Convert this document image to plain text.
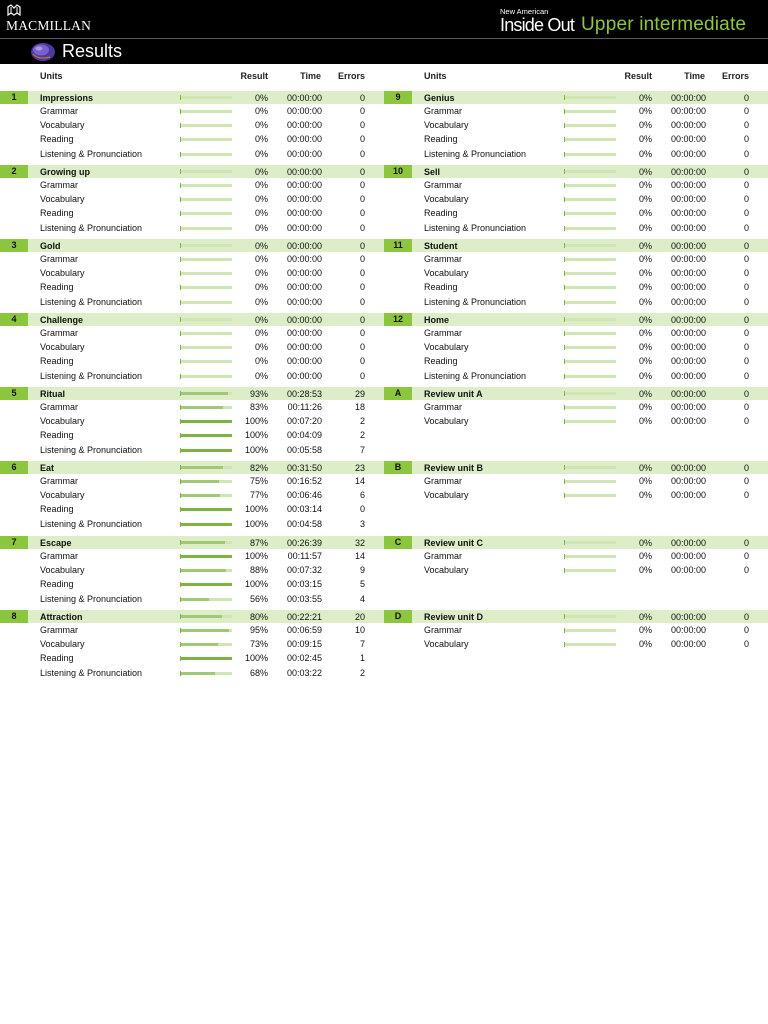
MACMILLAN
New American
Inside Out Upper intermediate
Results
Units	Result	Time Errors
1	Impressions	0% 00:00:00	0
Grammar	0% 00:00:00	0
Vocabulary	0% 00:00:00	0
Reading	0% 00:00:00	0
Listening & Pronunciation	0% 00:00:00	0
2	Growing up	0% 00:00:00	0
Grammar	0% 00:00:00	0
Vocabulary	0% 00:00:00	0
Reading	0% 00:00:00	0
Listening & Pronunciation	0% 00:00:00	0
3	Gold	0% 00:00:00	0
Grammar	0% 00:00:00	0
Vocabulary	0% 00:00:00	0
Reading	0% 00:00:00	0
Listening & Pronunciation	0% 00:00:00	0
4	Challenge	0% 00:00:00	0
Grammar	0% 00:00:00	0
Vocabulary	0% 00:00:00	0
Reading	0% 00:00:00	0
Listening & Pronunciation	0% 00:00:00	0
5	Ritual	93% 00:28:53	29
Grammar	83% 00:11:26	18
Vocabulary	100% 00:07:20	2
Reading	100% 00:04:09	2
Listening & Pronunciation	100% 00:05:58	7
6	Eat	82% 00:31:50	23
Grammar	75% 00:16:52	14
Vocabulary	77% 00:06:46	6
Reading	100% 00:03:14	0
Listening & Pronunciation	100% 00:04:58	3
7	Escape	87% 00:26:39	32
Grammar	100% 00:11:57	14
Vocabulary	88% 00:07:32	9
Reading	100% 00:03:15	5
Listening & Pronunciation	56% 00:03:55	4
8	Attraction	80% 00:22:21	20
Grammar	95% 00:06:59	10
Vocabulary	73% 00:09:15	7
Reading	100% 00:02:45	1
Listening & Pronunciation	68% 00:03:22	2
Units	Result	Time Errors
9	Genius	0% 00:00:00	0
Grammar	0% 00:00:00	0
Vocabulary	0% 00:00:00	0
Reading	0% 00:00:00	0
Listening & Pronunciation	0% 00:00:00	0
10	Sell	0% 00:00:00	0
Grammar	0% 00:00:00	0
Vocabulary	0% 00:00:00	0
Reading	0% 00:00:00	0
Listening & Pronunciation	0% 00:00:00	0
11	Student	0% 00:00:00	0
Grammar	0% 00:00:00	0
Vocabulary	0% 00:00:00	0
Reading	0% 00:00:00	0
Listening & Pronunciation	0% 00:00:00	0
12	Home	0% 00:00:00	0
Grammar	0% 00:00:00	0
Vocabulary	0% 00:00:00	0
Reading	0% 00:00:00	0
Listening & Pronunciation	0% 00:00:00	0
A	Review unit A	0% 00:00:00	0
Grammar	0% 00:00:00	0
Vocabulary	0% 00:00:00	0
B	Review unit B	0% 00:00:00	0
Grammar	0% 00:00:00	0
Vocabulary	0% 00:00:00	0
C	Review unit C	0% 00:00:00	0
Grammar	0% 00:00:00	0
Vocabulary	0% 00:00:00	0
D	Review unit D	0% 00:00:00	0
Grammar	0% 00:00:00	0
Vocabulary	0% 00:00:00	0
